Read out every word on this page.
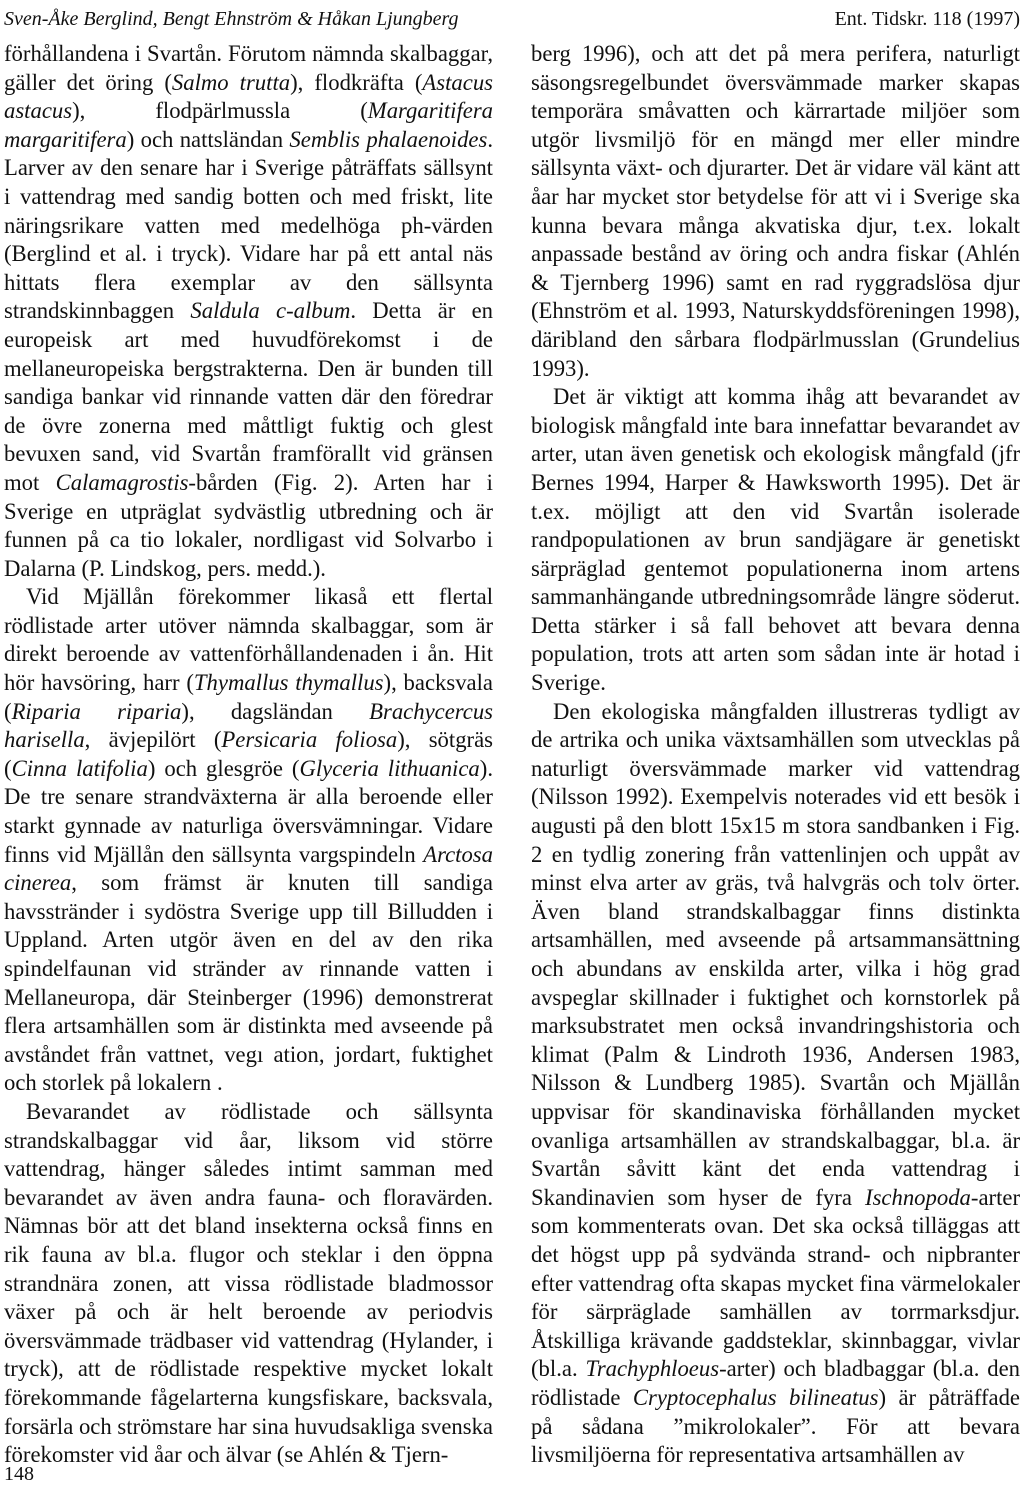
Sven-Åke Berglind, Bengt Ehnström & Håkan Ljungberg	Ent. Tidskr. 118 (1997)

förhållandena i Svartån. Förutom nämnda skalbaggar, gäller det öring (Salmo trutta), flodkräfta (Astacus astacus), flodpärlmussla (Margaritifera margaritifera) och nattsländan Semblis phalaenoides. Larver av den senare har i Sverige påträffats sällsynt i vattendrag med sandig botten och med friskt, lite näringsrikare vatten med medelhöga ph-värden (Berglind et al. i tryck). Vidare har på ett antal näs hittats flera exemplar av den sällsynta strandskinnbaggen Saldula c-album. Detta är en europeisk art med huvudförekomst i de mellaneuropeiska bergstrakterna. Den är bunden till sandiga bankar vid rinnande vatten där den föredrar de övre zonerna med måttligt fuktig och glest bevuxen sand, vid Svartån framförallt vid gränsen mot Calamagrostis-bården (Fig. 2). Arten har i Sverige en utpräglat sydvästlig utbredning och är funnen på ca tio lokaler, nordligast vid Solvarbo i Dalarna (P. Lindskog, pers. medd.).

Vid Mjällån förekommer likaså ett flertal rödlistade arter utöver nämnda skalbaggar, som är direkt beroende av vattenförhållandenaden i ån. Hit hör havsöring, harr (Thymallus thymallus), backsvala (Riparia riparia), dagsländan Brachycercus harisella, ävjepilört (Persicaria foliosa), sötgräs (Cinna latifolia) och glesgröe (Glyceria lithuanica). De tre senare strandväxterna är alla beroende eller starkt gynnade av naturliga översvämningar. Vidare finns vid Mjällån den sällsynta vargspindeln Arctosa cinerea, som främst är knuten till sandiga havsstränder i sydöstra Sverige upp till Billudden i Uppland. Arten utgör även en del av den rika spindelfaunan vid stränder av rinnande vatten i Mellaneuropa, där Steinberger (1996) demonstrerat flera artsamhällen som är distinkta med avseende på avståndet från vattnet, vegı ation, jordart, fuktighet och storlek på lokalern .

Bevarandet av rödlistade och sällsynta strandskalbaggar vid åar, liksom vid större vattendrag, hänger således intimt samman med bevarandet av även andra fauna- och floravärden. Nämnas bör att det bland insekterna också finns en rik fauna av bl.a. flugor och steklar i den öppna strandnära zonen, att vissa rödlistade bladmossor växer på och är helt beroende av periodvis översvämmade trädbaser vid vattendrag (Hylander, i tryck), att de rödlistade respektive mycket lokalt förekommande fågelarterna kungsfiskare, backsvala, forsärla och strömstare har sina huvudsakliga svenska förekomster vid åar och älvar (se Ahlén & Tjern-

berg 1996), och att det på mera perifera, naturligt säsongsregelbundet översvämmade marker skapas temporära småvatten och kärrartade miljöer som utgör livsmiljö för en mängd mer eller mindre sällsynta växt- och djurarter. Det är vidare väl känt att åar har mycket stor betydelse för att vi i Sverige ska kunna bevara många akvatiska djur, t.ex. lokalt anpassade bestånd av öring och andra fiskar (Ahlén & Tjernberg 1996) samt en rad ryggradslösa djur (Ehnström et al. 1993, Naturskyddsföreningen 1998), däribland den sårbara flodpärlmusslan (Grundelius 1993).

Det är viktigt att komma ihåg att bevarandet av biologisk mångfald inte bara innefattar bevarandet av arter, utan även genetisk och ekologisk mångfald (jfr Bernes 1994, Harper & Hawksworth 1995). Det är t.ex. möjligt att den vid Svartån isolerade randpopulationen av brun sandjägare är genetiskt särpräglad gentemot populationerna inom artens sammanhängande utbredningsområde längre söderut. Detta stärker i så fall behovet att bevara denna population, trots att arten som sådan inte är hotad i Sverige.

Den ekologiska mångfalden illustreras tydligt av de artrika och unika växtsamhällen som utvecklas på naturligt översvämmade marker vid vattendrag (Nilsson 1992). Exempelvis noterades vid ett besök i augusti på den blott 15x15 m stora sandbanken i Fig. 2 en tydlig zonering från vattenlinjen och uppåt av minst elva arter av gräs, två halvgräs och tolv örter. Även bland strandskalbaggar finns distinkta artsamhällen, med avseende på artsammansättning och abundans av enskilda arter, vilka i hög grad avspeglar skillnader i fuktighet och kornstorlek på marksubstratet men också invandringshistoria och klimat (Palm & Lindroth 1936, Andersen 1983, Nilsson & Lundberg 1985). Svartån och Mjällån uppvisar för skandinaviska förhållanden mycket ovanliga artsamhällen av strandskalbaggar, bl.a. är Svartån såvitt känt det enda vattendrag i Skandinavien som hyser de fyra Ischnopoda-arter som kommenterats ovan. Det ska också tilläggas att det högst upp på sydvända strand- och nipbranter efter vattendrag ofta skapas mycket fina värmelokaler för särpräglade samhällen av torrmarksdjur. Åtskilliga krävande gaddsteklar, skinnbaggar, vivlar (bl.a. Trachyphloeus-arter) och bladbaggar (bl.a. den rödlistade Cryptocephalus bilineatus) är påträffade på sådana ”mikrolokaler”. För att bevara livsmiljöerna för representativa artsamhällen av

148
